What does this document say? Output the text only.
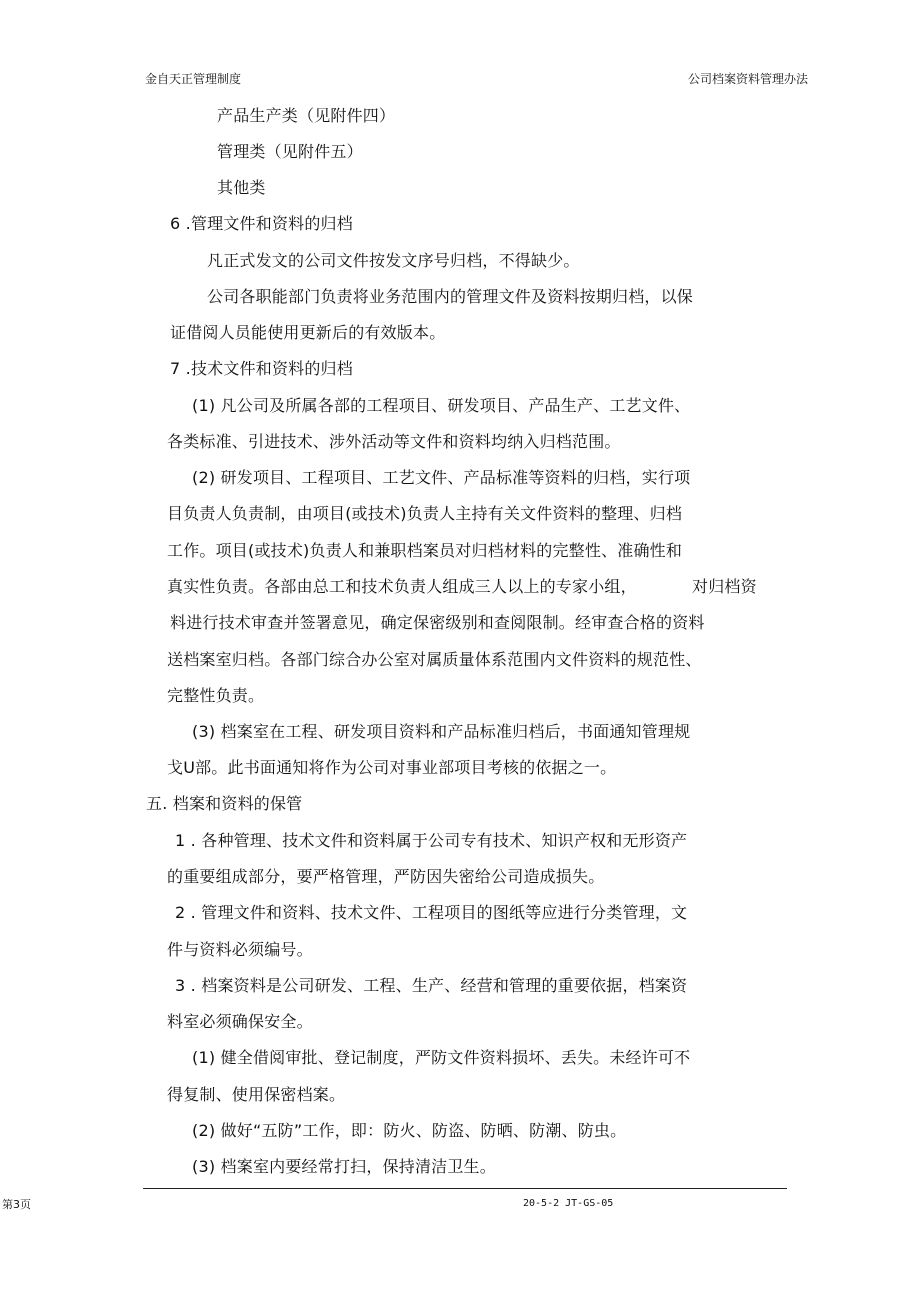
金自天正管理制度	公司档案资料管理办法
产品生产类（见附件四）
管理类（见附件五）
其他类
6 .管理文件和资料的归档
凡正式发文的公司文件按发文序号归档，不得缺少。
公司各职能部门负责将业务范围内的管理文件及资料按期归档，以保
证借阅人员能使用更新后的有效版本。
7 .技术文件和资料的归档
(1) 凡公司及所属各部的工程项目、研发项目、产品生产、工艺文件、
各类标准、引进技术、涉外活动等文件和资料均纳入归档范围。
(2) 研发项目、工程项目、工艺文件、产品标准等资料的归档，实行项
目负责人负责制，由项目(或技术)负责人主持有关文件资料的整理、归档
工作。项目(或技术)负责人和兼职档案员对归档材料的完整性、准确性和
真实性负责。各部由总工和技术负责人组成三人以上的专家小组，	对归档资
料进行技术审查并签署意见，确定保密级别和查阅限制。经审查合格的资料
送档案室归档。各部门综合办公室对属质量体系范围内文件资料的规范性、
完整性负责。
(3) 档案室在工程、研发项目资料和产品标准归档后，书面通知管理规
戈U部。此书面通知将作为公司对事业部项目考核的依据之一。
五. 档案和资料的保管
1 . 各种管理、技术文件和资料属于公司专有技术、知识产权和无形资产
的重要组成部分，要严格管理，严防因失密给公司造成损失。
2 . 管理文件和资料、技术文件、工程项目的图纸等应进行分类管理，文
件与资料必须编号。
3 . 档案资料是公司研发、工程、生产、经营和管理的重要依据，档案资
料室必须确保安全。
(1) 健全借阅审批、登记制度，严防文件资料损坏、丢失。未经许可不
得复制、使用保密档案。
(2) 做好“五防”工作，即：防火、防盗、防晒、防潮、防虫。
(3) 档案室内要经常打扫，保持清洁卫生。
第3页	20-5-2 JT-GS-05
